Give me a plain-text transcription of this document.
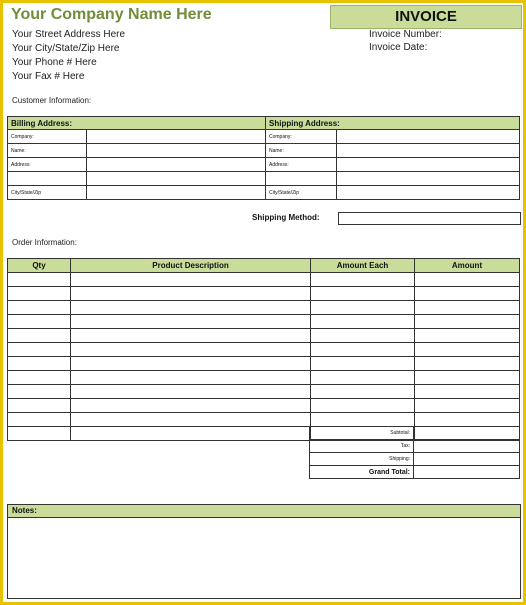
Your Company Name Here
Your Street Address Here
Your City/State/Zip Here
Your Phone # Here
Your Fax # Here
INVOICE
Invoice Number:
Invoice Date:
Customer Information:
Billing Address:		Shipping Address:	
Company:		Company:	
Name:		Name:	
Address:		Address:	

City/State/Zip		City/State/Zip	
Shipping Method:
Order Information:
Qty	Product Description	Amount Each	Amount

Subtotal:	
Tax:	
Shipping:	
Grand Total:	
Notes:
